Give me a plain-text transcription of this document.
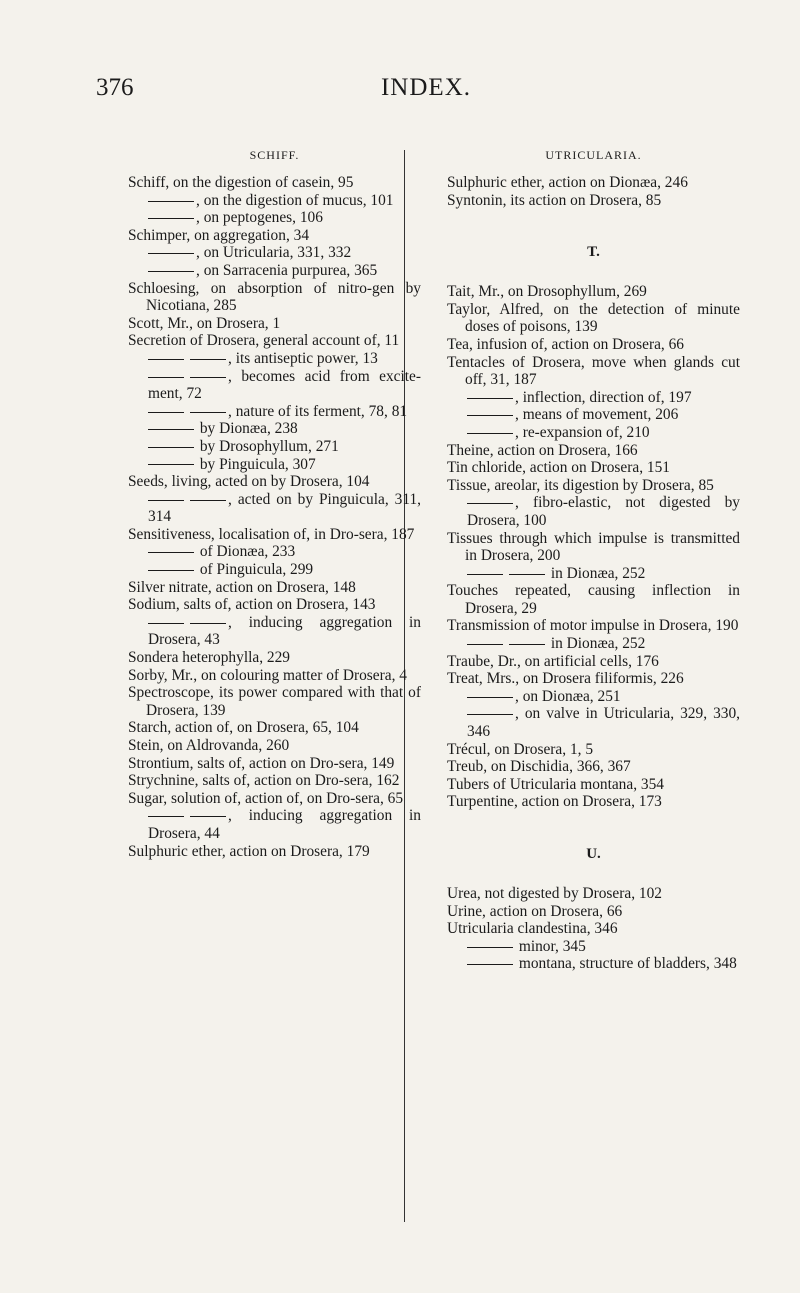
376	INDEX.
SCHIFF.

Schiff, on the digestion of casein, 95

, on the digestion of mucus, 101

, on peptogenes, 106

Schimper, on aggregation, 34

, on Utricularia, 331, 332

, on Sarracenia purpurea, 365

Schloesing, on absorption of nitro-gen by Nicotiana, 285

Scott, Mr., on Drosera, 1

Secretion of Drosera, general account of, 11

, its antiseptic power, 13

, becomes acid from excite-ment, 72

, nature of its ferment, 78, 81

by Dionæa, 238

by Drosophyllum, 271

by Pinguicula, 307

Seeds, living, acted on by Drosera, 104

, acted on by Pinguicula, 311, 314

Sensitiveness, localisation of, in Dro-sera, 187

of Dionæa, 233

of Pinguicula, 299

Silver nitrate, action on Drosera, 148

Sodium, salts of, action on Drosera, 143

, inducing aggregation in Drosera, 43

Sondera heterophylla, 229

Sorby, Mr., on colouring matter of Drosera, 4

Spectroscope, its power compared with that of Drosera, 139

Starch, action of, on Drosera, 65, 104

Stein, on Aldrovanda, 260

Strontium, salts of, action on Dro-sera, 149

Strychnine, salts of, action on Dro-sera, 162

Sugar, solution of, action of, on Dro-sera, 65

, inducing aggregation in Drosera, 44

Sulphuric ether, action on Drosera, 179

UTRICULARIA.

Sulphuric ether, action on Dionæa, 246

Syntonin, its action on Drosera, 85

T.

Tait, Mr., on Drosophyllum, 269

Taylor, Alfred, on the detection of minute doses of poisons, 139

Tea, infusion of, action on Drosera, 66

Tentacles of Drosera, move when glands cut off, 31, 187

, inflection, direction of, 197

, means of movement, 206

, re-expansion of, 210

Theine, action on Drosera, 166

Tin chloride, action on Drosera, 151

Tissue, areolar, its digestion by Drosera, 85

, fibro-elastic, not digested by Drosera, 100

Tissues through which impulse is transmitted in Drosera, 200

in Dionæa, 252

Touches repeated, causing inflection in Drosera, 29

Transmission of motor impulse in Drosera, 190

in Dionæa, 252

Traube, Dr., on artificial cells, 176

Treat, Mrs., on Drosera filiformis, 226

, on Dionæa, 251

, on valve in Utricularia, 329, 330, 346

Trécul, on Drosera, 1, 5

Treub, on Dischidia, 366, 367

Tubers of Utricularia montana, 354

Turpentine, action on Drosera, 173

U.

Urea, not digested by Drosera, 102

Urine, action on Drosera, 66

Utricularia clandestina, 346

minor, 345

montana, structure of bladders, 348
